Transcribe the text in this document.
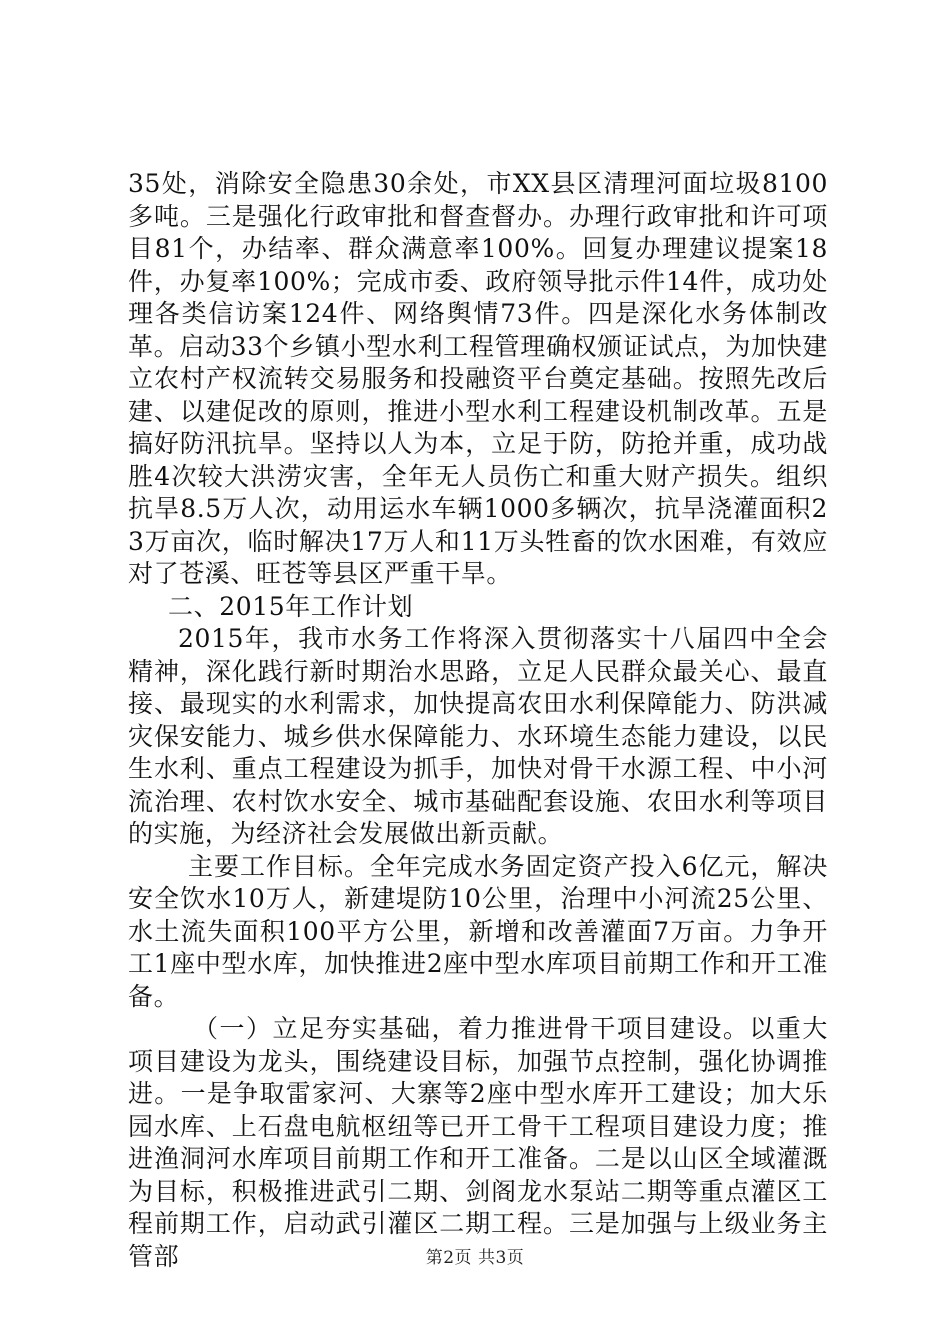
35处，消除安全隐患30余处，市XX县区清理河面垃圾8100多吨。三是强化行政审批和督查督办。办理行政审批和许可项目81个，办结率、群众满意率100%。回复办理建议提案18件，办复率100%；完成市委、政府领导批示件14件，成功处理各类信访案124件、网络舆情73件。四是深化水务体制改革。启动33个乡镇小型水利工程管理确权颁证试点，为加快建立农村产权流转交易服务和投融资平台奠定基础。按照先改后建、以建促改的原则，推进小型水利工程建设机制改革。五是搞好防汛抗旱。坚持以人为本，立足于防，防抢并重，成功战胜4次较大洪涝灾害，全年无人员伤亡和重大财产损失。组织抗旱8.5万人次，动用运水车辆1000多辆次，抗旱浇灌面积23万亩次，临时解决17万人和11万头牲畜的饮水困难，有效应对了苍溪、旺苍等县区严重干旱。

二、2015年工作计划

2015年，我市水务工作将深入贯彻落实十八届四中全会精神，深化践行新时期治水思路，立足人民群众最关心、最直接、最现实的水利需求，加快提高农田水利保障能力、防洪减灾保安能力、城乡供水保障能力、水环境生态能力建设，以民生水利、重点工程建设为抓手，加快对骨干水源工程、中小河流治理、农村饮水安全、城市基础配套设施、农田水利等项目的实施，为经济社会发展做出新贡献。

主要工作目标。全年完成水务固定资产投入6亿元，解决安全饮水10万人，新建堤防10公里，治理中小河流25公里、水土流失面积100平方公里，新增和改善灌面7万亩。力争开工1座中型水库，加快推进2座中型水库项目前期工作和开工准备。

（一）立足夯实基础，着力推进骨干项目建设。以重大项目建设为龙头，围绕建设目标，加强节点控制，强化协调推进。一是争取雷家河、大寨等2座中型水库开工建设；加大乐园水库、上石盘电航枢纽等已开工骨干工程项目建设力度；推进渔洞河水库项目前期工作和开工准备。二是以山区全域灌溉为目标，积极推进武引二期、剑阁龙水泵站二期等重点灌区工程前期工作，启动武引灌区二期工程。三是加强与上级业务主管部	第2页 共3页
